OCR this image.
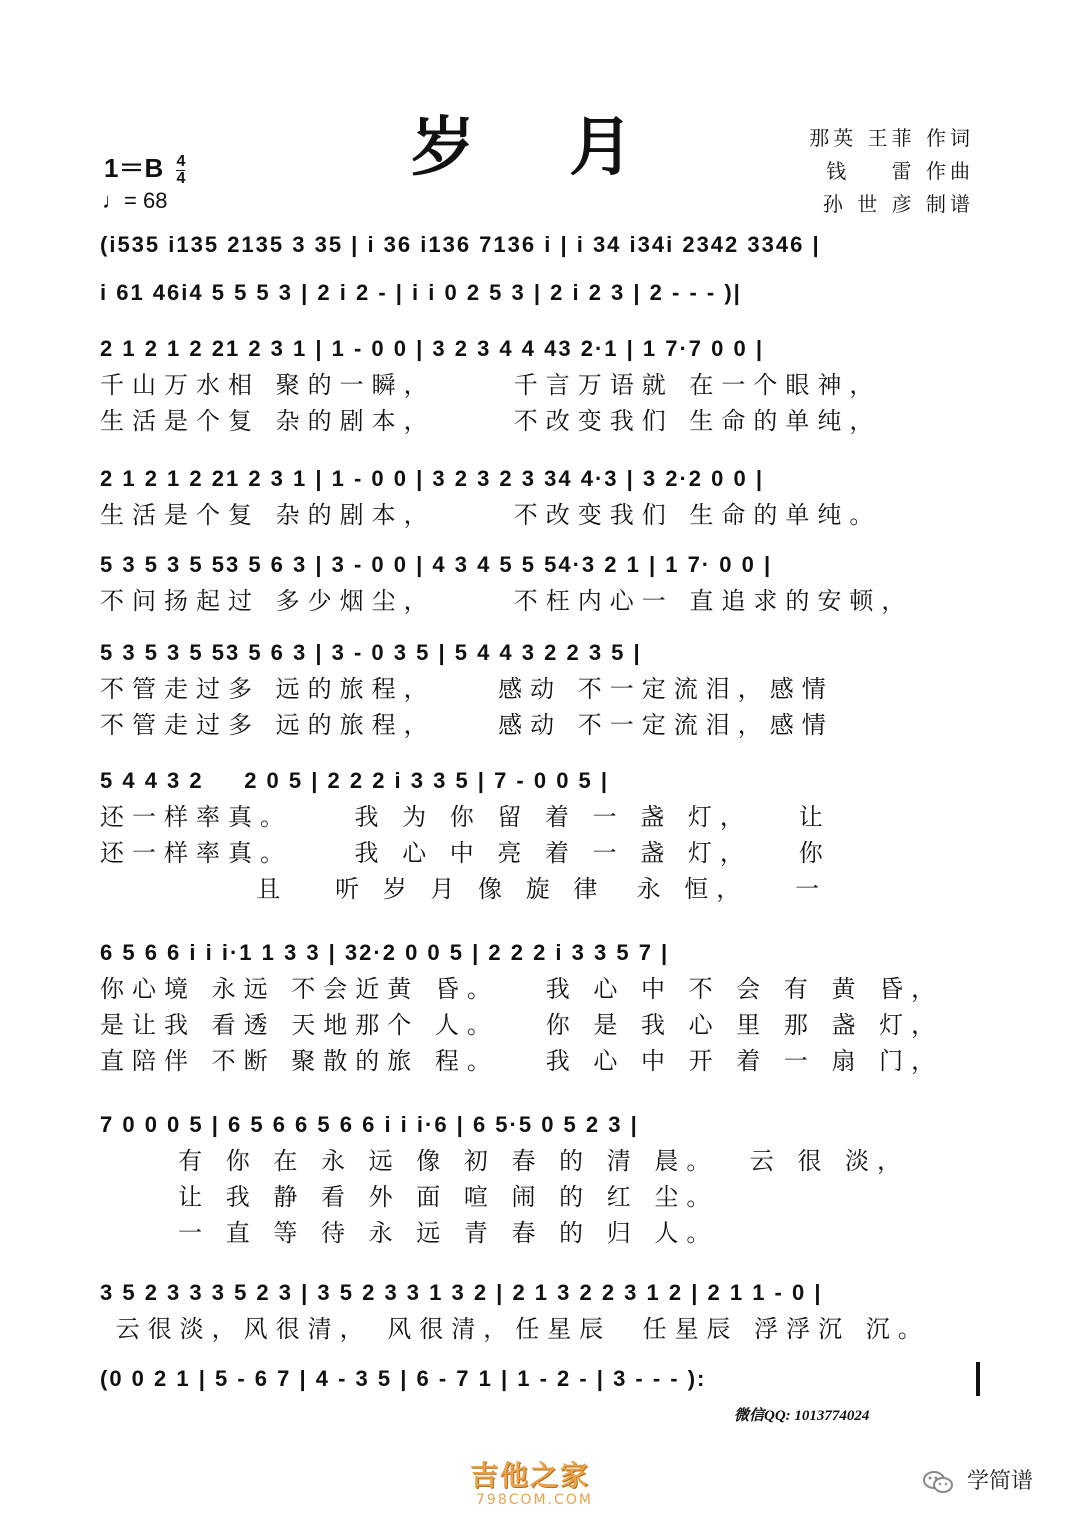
岁 月
$1=B \frac{4}{4}$
♩= 68
那英 王菲 作词
钱    雷 作曲
孙 世 彦 制谱
(i535 i135 2135 3 35 | i 36 i136 7136 i | i 34 i34i 2342 3346 |
i 61 46i4 5 5 5 3 | 2 i 2 - | i i 0 2 5 3 | 2 i 2 3 | 2 - - - )|
2 1 2 1 2 21 2 3 1 | 1 - 0 0 | 3 2 3 4 4 43 2·1 | 1 7·7 0 0 |
千山万水相 聚的一瞬，     千言万语就 在一个眼神，
生活是个复 杂的剧本，     不改变我们 生命的单纯，
2 1 2 1 2 21 2 3 1 | 1 - 0 0 | 3 2 3 2 3 34 4·3 | 3 2·2 0 0 |
生活是个复 杂的剧本，     不改变我们 生命的单纯。
5 3 5 3 5 53 5 6 3 | 3 - 0 0 | 4 3 4 5 5 54·3 2 1 | 1 7· 0 0 |
不问扬起过 多少烟尘，     不枉内心一 直追求的安顿，
5 3 5 3 5 53 5 6 3 | 3 - 0 3 5 | 5 4 4 3 2 2 3 5 |
不管走过多 远的旅程，    感动 不一定流泪，感情
不管走过多 远的旅程，    感动 不一定流泪，感情
5 4 4 3 2     2 0 5 | 2 2 2 i 3 3 5 | 7 - 0 0 5 |
还一样率真。    我 为 你 留 着 一 盏 灯，   让
还一样率真。    我 心 中 亮 着 一 盏 灯，   你
且   听 岁 月 像 旋 律  永 恒，   一
6 5 6 6 i i i·1 1 3 3 | 32·2 0 0 5 | 2 2 2 i 3 3 5 7 |
你心境 永远 不会近黄 昏。   我 心 中 不 会 有 黄 昏，
是让我 看透 天地那个 人。   你 是 我 心 里 那 盏 灯，
直陪伴 不断 聚散的旅 程。   我 心 中 开 着 一 扇 门，
7 0 0 0 5 | 6 5 6 6 5 6 6 i i i·6 | 6 5·5 0 5 2 3 |
有 你 在 永 远 像 初 春 的 清 晨。  云 很 淡，
让 我 静 看 外 面 喧 闹 的 红 尘。
一 直 等 待 永 远 青 春 的 归 人。
3 5 2 3 3 3 5 2 3 | 3 5 2 3 3 1 3 2 | 2 1 3 2 2 3 1 2 | 2 1 1 - 0 |
云很淡，风很清， 风很清，任星辰  任星辰 浮浮沉 沉。
(0 0 2 1 | 5 - 6 7 | 4 - 3 5 | 6 - 7 1 | 1 - 2 - | 3 - - - ):
微信QQ: 1013774024
吉他之家
798COM.COM
学简谱
